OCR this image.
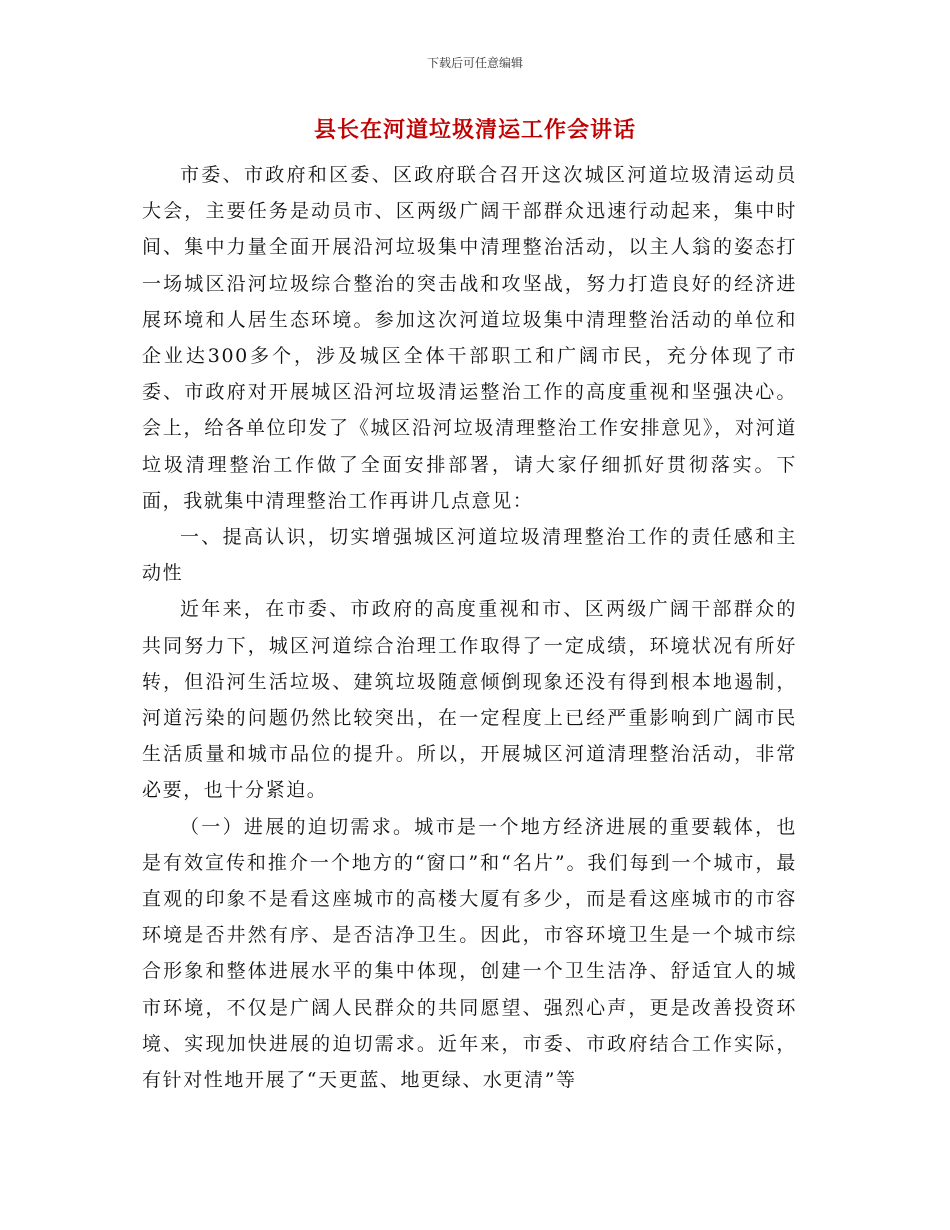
下载后可任意编辑
县长在河道垃圾清运工作会讲话

市委、市政府和区委、区政府联合召开这次城区河道垃圾清运动员大会，主要任务是动员市、区两级广阔干部群众迅速行动起来，集中时间、集中力量全面开展沿河垃圾集中清理整治活动，以主人翁的姿态打一场城区沿河垃圾综合整治的突击战和攻坚战，努力打造良好的经济进展环境和人居生态环境。参加这次河道垃圾集中清理整治活动的单位和企业达300多个，涉及城区全体干部职工和广阔市民，充分体现了市委、市政府对开展城区沿河垃圾清运整治工作的高度重视和坚强决心。会上，给各单位印发了《城区沿河垃圾清理整治工作安排意见》，对河道垃圾清理整治工作做了全面安排部署，请大家仔细抓好贯彻落实。下面，我就集中清理整治工作再讲几点意见：

一、提高认识，切实增强城区河道垃圾清理整治工作的责任感和主动性

近年来，在市委、市政府的高度重视和市、区两级广阔干部群众的共同努力下，城区河道综合治理工作取得了一定成绩，环境状况有所好转，但沿河生活垃圾、建筑垃圾随意倾倒现象还没有得到根本地遏制，河道污染的问题仍然比较突出，在一定程度上已经严重影响到广阔市民生活质量和城市品位的提升。所以，开展城区河道清理整治活动，非常必要，也十分紧迫。

（一）进展的迫切需求。城市是一个地方经济进展的重要载体，也是有效宣传和推介一个地方的“窗口”和“名片”。我们每到一个城市，最直观的印象不是看这座城市的高楼大厦有多少，而是看这座城市的市容环境是否井然有序、是否洁净卫生。因此，市容环境卫生是一个城市综合形象和整体进展水平的集中体现，创建一个卫生洁净、舒适宜人的城市环境，不仅是广阔人民群众的共同愿望、强烈心声，更是改善投资环境、实现加快进展的迫切需求。近年来，市委、市政府结合工作实际，有针对性地开展了“天更蓝、地更绿、水更清”等
